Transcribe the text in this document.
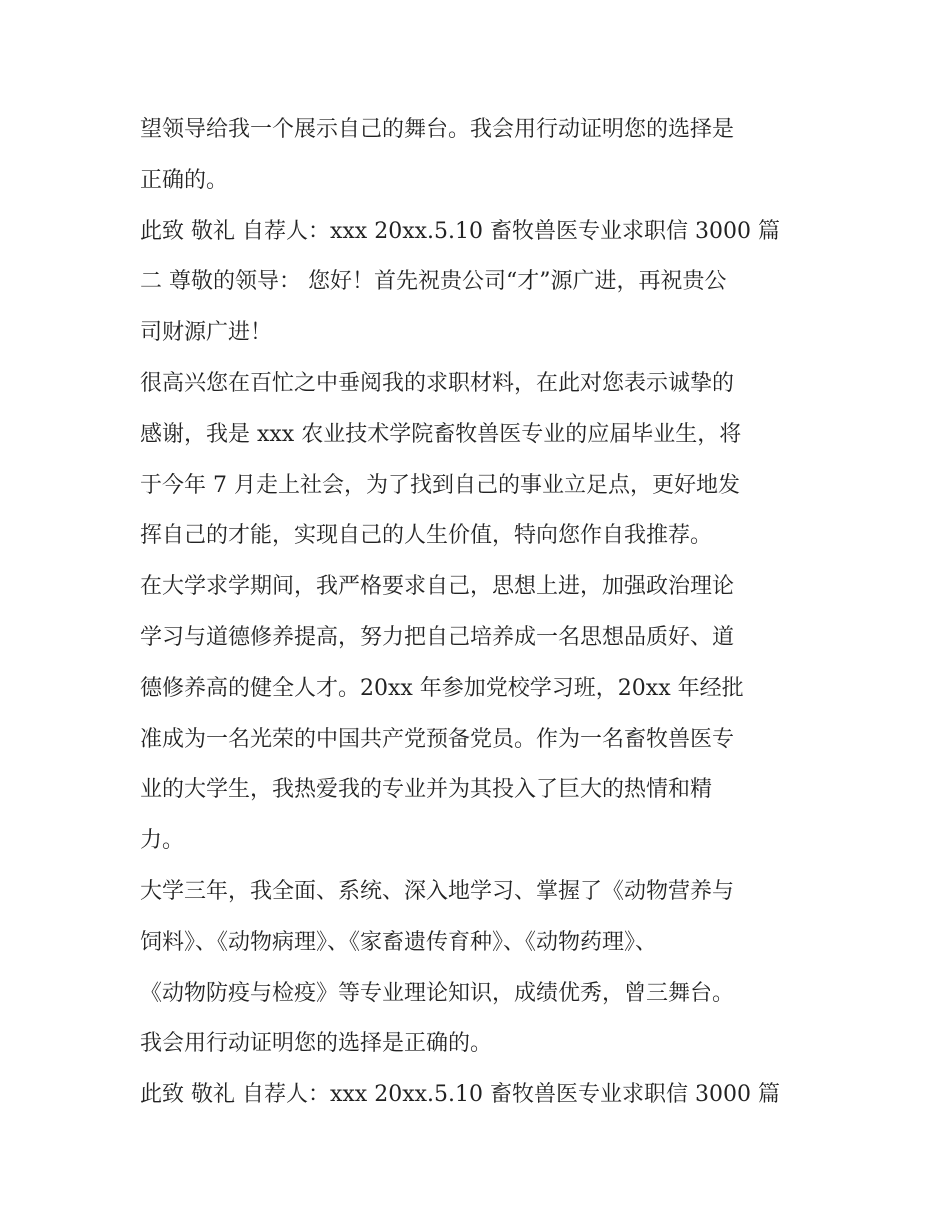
望领导给我一个展示自己的舞台。我会用行动证明您的选择是
正确的。
此致 敬礼 自荐人：xxx 20xx.5.10 畜牧兽医专业求职信 3000 篇
二 尊敬的领导： 您好！首先祝贵公司“才”源广进，再祝贵公
司财源广进！
很高兴您在百忙之中垂阅我的求职材料，在此对您表示诚挚的
感谢，我是 xxx 农业技术学院畜牧兽医专业的应届毕业生，将
于今年 7 月走上社会，为了找到自己的事业立足点，更好地发
挥自己的才能，实现自己的人生价值，特向您作自我推荐。
在大学求学期间，我严格要求自己，思想上进，加强政治理论
学习与道德修养提高，努力把自己培养成一名思想品质好、道
德修养高的健全人才。20xx 年参加党校学习班，20xx 年经批
准成为一名光荣的中国共产党预备党员。作为一名畜牧兽医专
业的大学生，我热爱我的专业并为其投入了巨大的热情和精
力。
大学三年，我全面、系统、深入地学习、掌握了《动物营养与
饲料》、《动物病理》、《家畜遗传育种》、《动物药理》、
《动物防疫与检疫》等专业理论知识，成绩优秀，曾三舞台。
我会用行动证明您的选择是正确的。
此致 敬礼 自荐人：xxx 20xx.5.10 畜牧兽医专业求职信 3000 篇
